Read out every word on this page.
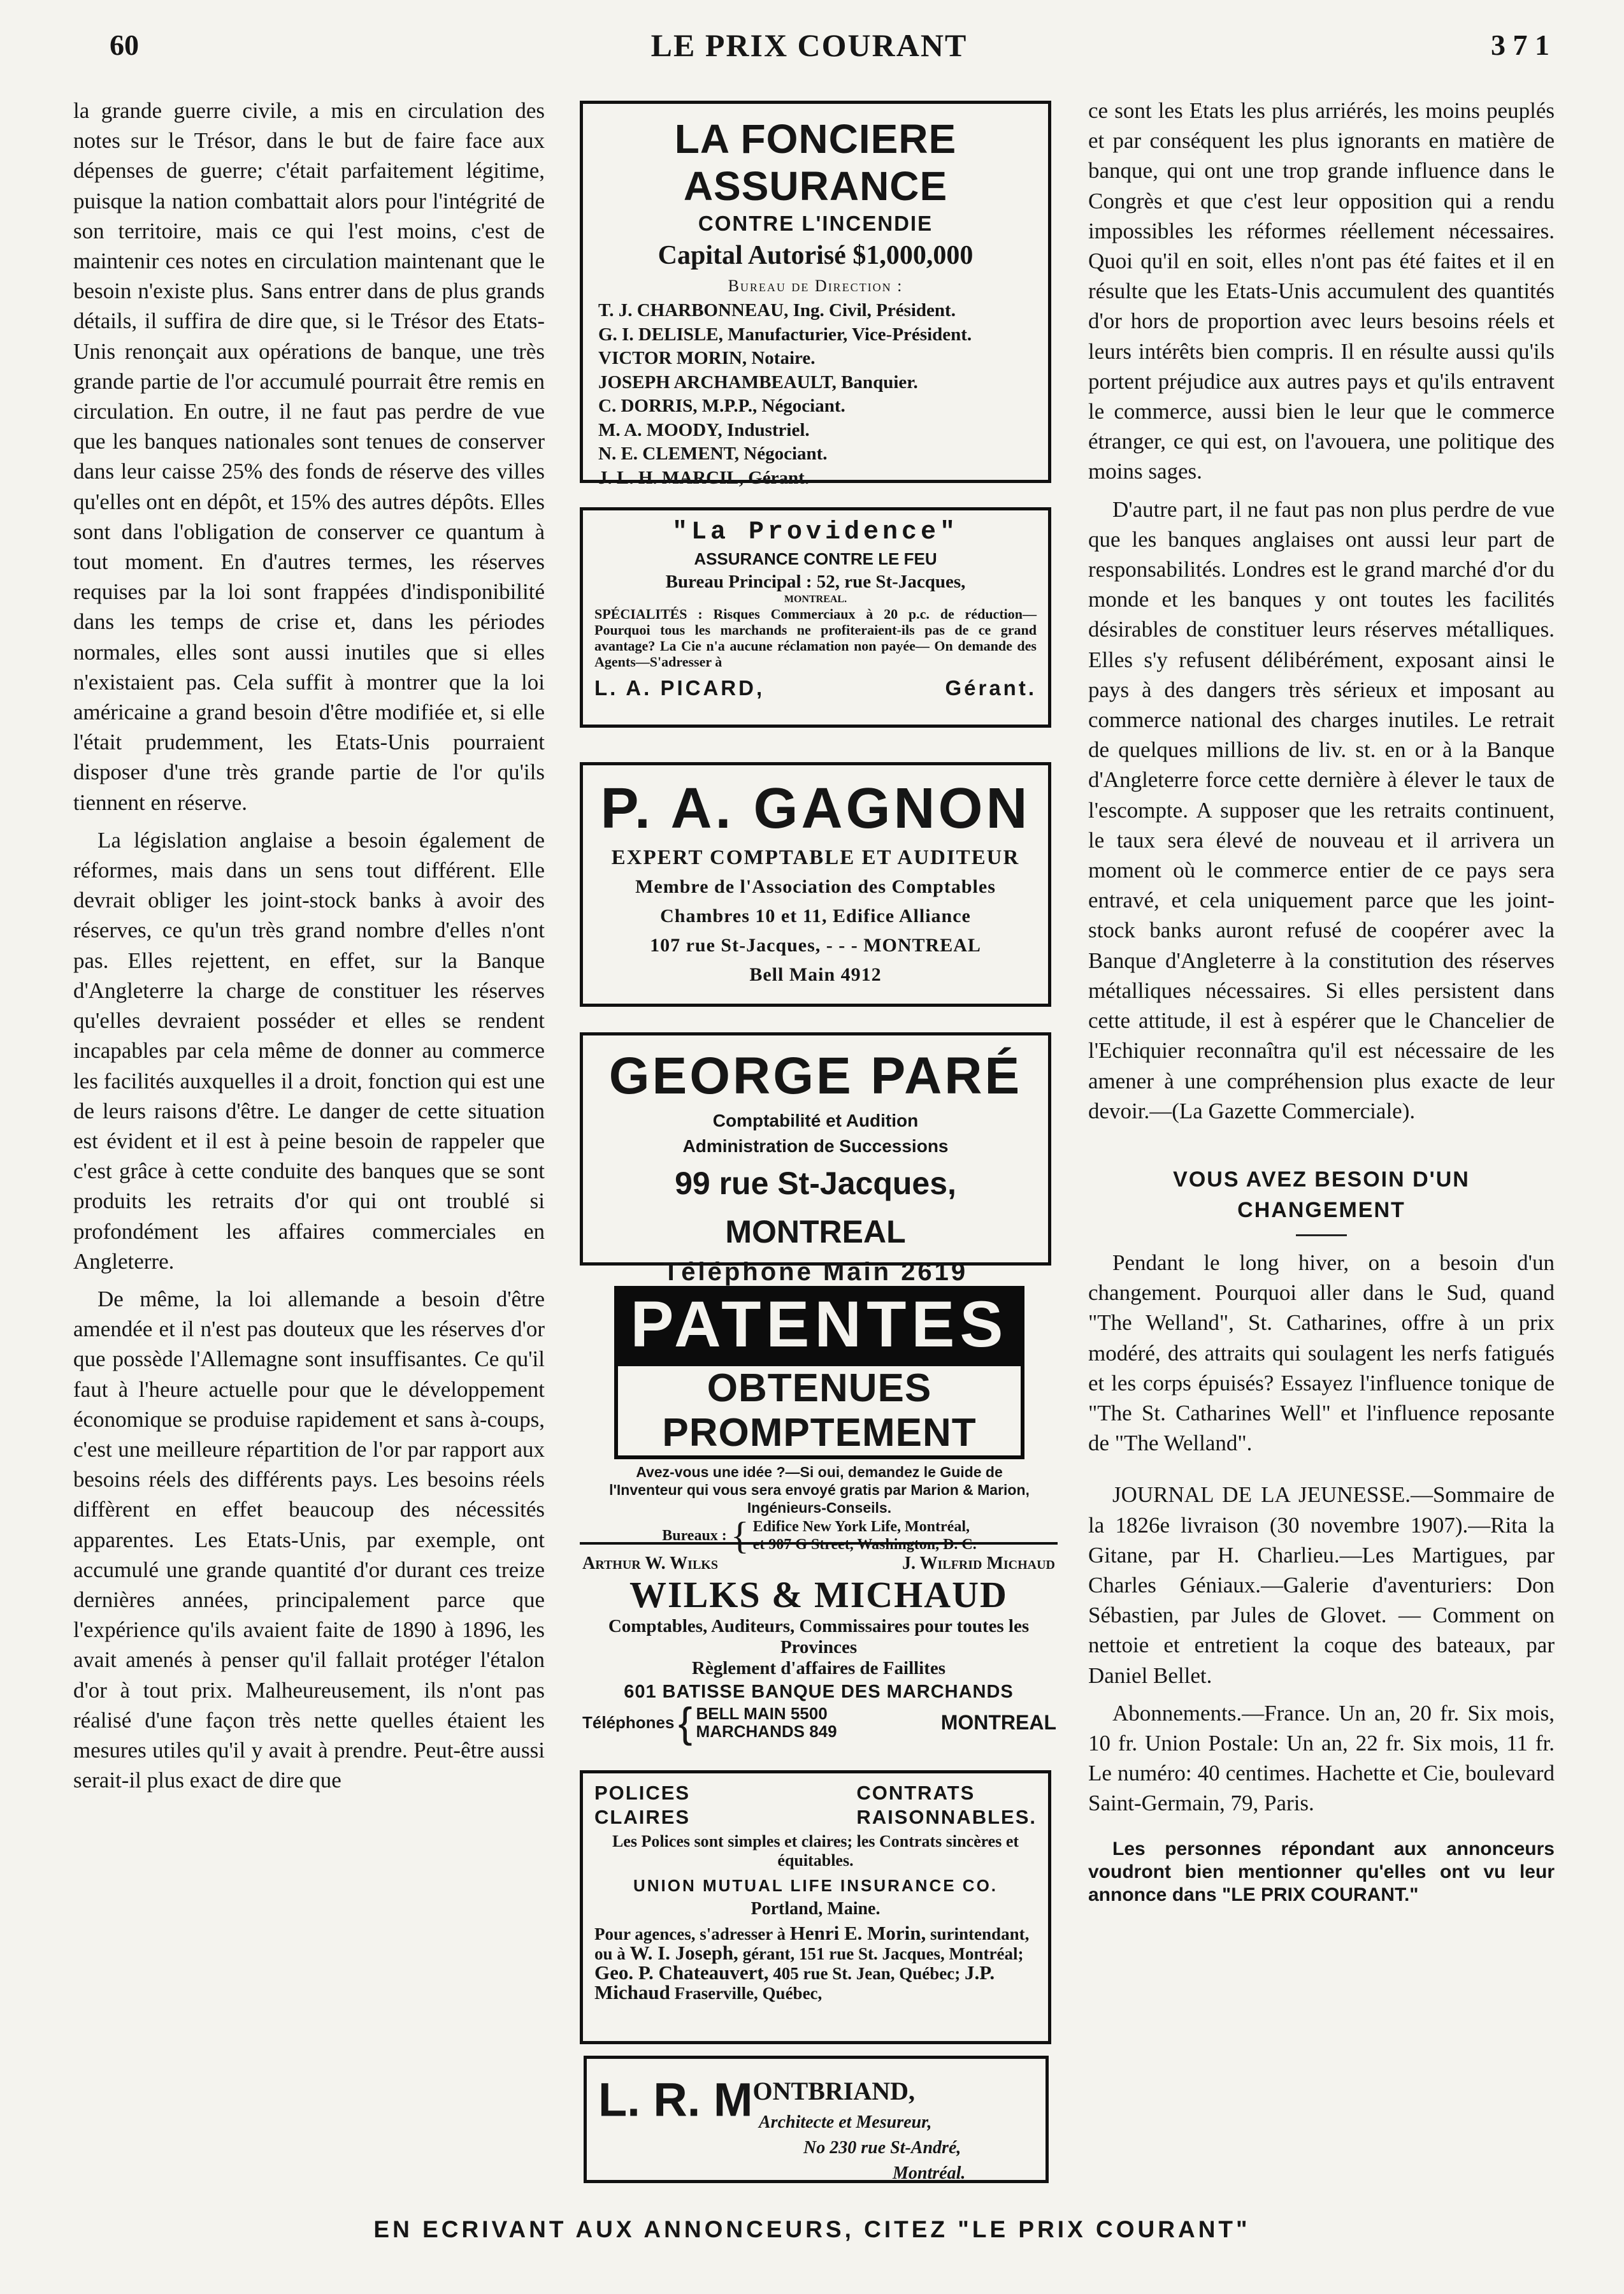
60	LE PRIX COURANT	3 7 1

la grande guerre civile, a mis en circulation des notes sur le Trésor, dans le but de faire face aux dépenses de guerre; c'était parfaitement légitime, puisque la nation combattait alors pour l'intégrité de son territoire, mais ce qui l'est moins, c'est de maintenir ces notes en circulation maintenant que le besoin n'existe plus. Sans entrer dans de plus grands détails, il suffira de dire que, si le Trésor des Etats-Unis renonçait aux opérations de banque, une très grande partie de l'or accumulé pourrait être remis en circulation. En outre, il ne faut pas perdre de vue que les banques nationales sont tenues de conserver dans leur caisse 25% des fonds de réserve des villes qu'elles ont en dépôt, et 15% des autres dépôts. Elles sont dans l'obligation de conserver ce quantum à tout moment. En d'autres termes, les réserves requises par la loi sont frappées d'indisponibilité dans les temps de crise et, dans les périodes normales, elles sont aussi inutiles que si elles n'existaient pas. Cela suffit à montrer que la loi américaine a grand besoin d'être modifiée et, si elle l'était prudemment, les Etats-Unis pourraient disposer d'une très grande partie de l'or qu'ils tiennent en réserve.

La législation anglaise a besoin également de réformes, mais dans un sens tout différent. Elle devrait obliger les joint-stock banks à avoir des réserves, ce qu'un très grand nombre d'elles n'ont pas. Elles rejettent, en effet, sur la Banque d'Angleterre la charge de constituer les réserves qu'elles devraient posséder et elles se rendent incapables par cela même de donner au commerce les facilités auxquelles il a droit, fonction qui est une de leurs raisons d'être. Le danger de cette situation est évident et il est à peine besoin de rappeler que c'est grâce à cette conduite des banques que se sont produits les retraits d'or qui ont troublé si profondément les affaires commerciales en Angleterre.

De même, la loi allemande a besoin d'être amendée et il n'est pas douteux que les réserves d'or que possède l'Allemagne sont insuffisantes. Ce qu'il faut à l'heure actuelle pour que le développement économique se produise rapidement et sans à-coups, c'est une meilleure répartition de l'or par rapport aux besoins réels des différents pays. Les besoins réels diffèrent en effet beaucoup des nécessités apparentes. Les Etats-Unis, par exemple, ont accumulé une grande quantité d'or durant ces treize dernières années, principalement parce que l'expérience qu'ils avaient faite de 1890 à 1896, les avait amenés à penser qu'il fallait protéger l'étalon d'or à tout prix. Malheureusement, ils n'ont pas réalisé d'une façon très nette quelles étaient les mesures utiles qu'il y avait à prendre. Peut-être aussi serait-il plus exact de dire que

ce sont les Etats les plus arriérés, les moins peuplés et par conséquent les plus ignorants en matière de banque, qui ont une trop grande influence dans le Congrès et que c'est leur opposition qui a rendu impossibles les réformes réellement nécessaires. Quoi qu'il en soit, elles n'ont pas été faites et il en résulte que les Etats-Unis accumulent des quantités d'or hors de proportion avec leurs besoins réels et leurs intérêts bien compris. Il en résulte aussi qu'ils portent préjudice aux autres pays et qu'ils entravent le commerce, aussi bien le leur que le commerce étranger, ce qui est, on l'avouera, une politique des moins sages.

D'autre part, il ne faut pas non plus perdre de vue que les banques anglaises ont aussi leur part de responsabilités. Londres est le grand marché d'or du monde et les banques y ont toutes les facilités désirables de constituer leurs réserves métalliques. Elles s'y refusent délibérément, exposant ainsi le pays à des dangers très sérieux et imposant au commerce national des charges inutiles. Le retrait de quelques millions de liv. st. en or à la Banque d'Angleterre force cette dernière à élever le taux de l'escompte. A supposer que les retraits continuent, le taux sera élevé de nouveau et il arrivera un moment où le commerce entier de ce pays sera entravé, et cela uniquement parce que les joint-stock banks auront refusé de coopérer avec la Banque d'Angleterre à la constitution des réserves métalliques nécessaires. Si elles persistent dans cette attitude, il est à espérer que le Chancelier de l'Echiquier reconnaîtra qu'il est nécessaire de les amener à une compréhension plus exacte de leur devoir.—(La Gazette Commerciale).

VOUS AVEZ BESOIN D'UN CHANGEMENT

Pendant le long hiver, on a besoin d'un changement. Pourquoi aller dans le Sud, quand "The Welland", St. Catharines, offre à un prix modéré, des attraits qui soulagent les nerfs fatigués et les corps épuisés? Essayez l'influence tonique de "The St. Catharines Well" et l'influence reposante de "The Welland".

JOURNAL DE LA JEUNESSE.—Sommaire de la 1826e livraison (30 novembre 1907).—Rita la Gitane, par H. Charlieu.—Les Martigues, par Charles Géniaux.—Galerie d'aventuriers: Don Sébastien, par Jules de Glovet. — Comment on nettoie et entretient la coque des bateaux, par Daniel Bellet.

Abonnements.—France. Un an, 20 fr. Six mois, 10 fr. Union Postale: Un an, 22 fr. Six mois, 11 fr. Le numéro: 40 centimes. Hachette et Cie, boulevard Saint-Germain, 79, Paris.

Les personnes répondant aux annonceurs voudront bien mentionner qu'elles ont vu leur annonce dans "LE PRIX COURANT."
LA FONCIERE ASSURANCE
CONTRE L'INCENDIE
Capital Autorisé $1,000,000
Bureau de Direction :
T. J. CHARBONNEAU, Ing. Civil, Président.
G. I. DELISLE, Manufacturier, Vice-Président.
VICTOR MORIN, Notaire.
JOSEPH ARCHAMBEAULT, Banquier.
C. DORRIS, M.P.P., Négociant.
M. A. MOODY, Industriel.
N. E. CLEMENT, Négociant.
J. L. H. MARCIL, Gérant.
"La Providence"
ASSURANCE CONTRE LE FEU
Bureau Principal : 52, rue St-Jacques,
MONTREAL.
SPÉCIALITÉS : Risques Commerciaux à 20 p.c. de réduction— Pourquoi tous les marchands ne profiteraient-ils pas de ce grand avantage? La Cie n'a aucune réclamation non payée— On demande des Agents—S'adresser à
L. A. PICARD,	Gérant.
P. A. GAGNON
EXPERT COMPTABLE ET AUDITEUR
Membre de l'Association des Comptables
Chambres 10 et 11, Edifice Alliance
107 rue St-Jacques, - - - MONTREAL
Bell Main 4912
GEORGE PARÉ
Comptabilité et Audition
Administration de Successions
99 rue St-Jacques, MONTREAL
Téléphone Main 2619
PATENTES
OBTENUES PROMPTEMENT
Avez-vous une idée ?—Si oui, demandez le Guide de l'Inventeur qui vous sera envoyé gratis par Marion & Marion, Ingénieurs-Conseils.
Bureaux : { Edifice New York Life, Montréal,
et 907 G Street, Washington, D. C.
Arthur W. Wilks	J. Wilfrid Michaud
WILKS & MICHAUD
Comptables, Auditeurs, Commissaires pour toutes les Provinces
Règlement d'affaires de Faillites
601 BATISSE BANQUE DES MARCHANDS
Téléphones { BELL MAIN 5500
MARCHANDS 849	MONTREAL
POLICES
CLAIRES
CONTRATS
RAISONNABLES.
Les Polices sont simples et claires; les Contrats sincères et équitables.
UNION MUTUAL LIFE INSURANCE CO.
Portland, Maine.
Pour agences, s'adresser à Henri E. Morin, surintendant, ou à W. I. Joseph, gérant, 151 rue St. Jacques, Montréal; Geo. P. Chateauvert, 405 rue St. Jean, Québec; J.P. Michaud Fraserville, Québec,
L. R. $M^{ONTBRIAND,}$
Architecte et Mesureur,
No 230 rue St-André,
Montréal.
EN ECRIVANT AUX ANNONCEURS, CITEZ "LE PRIX COURANT"
